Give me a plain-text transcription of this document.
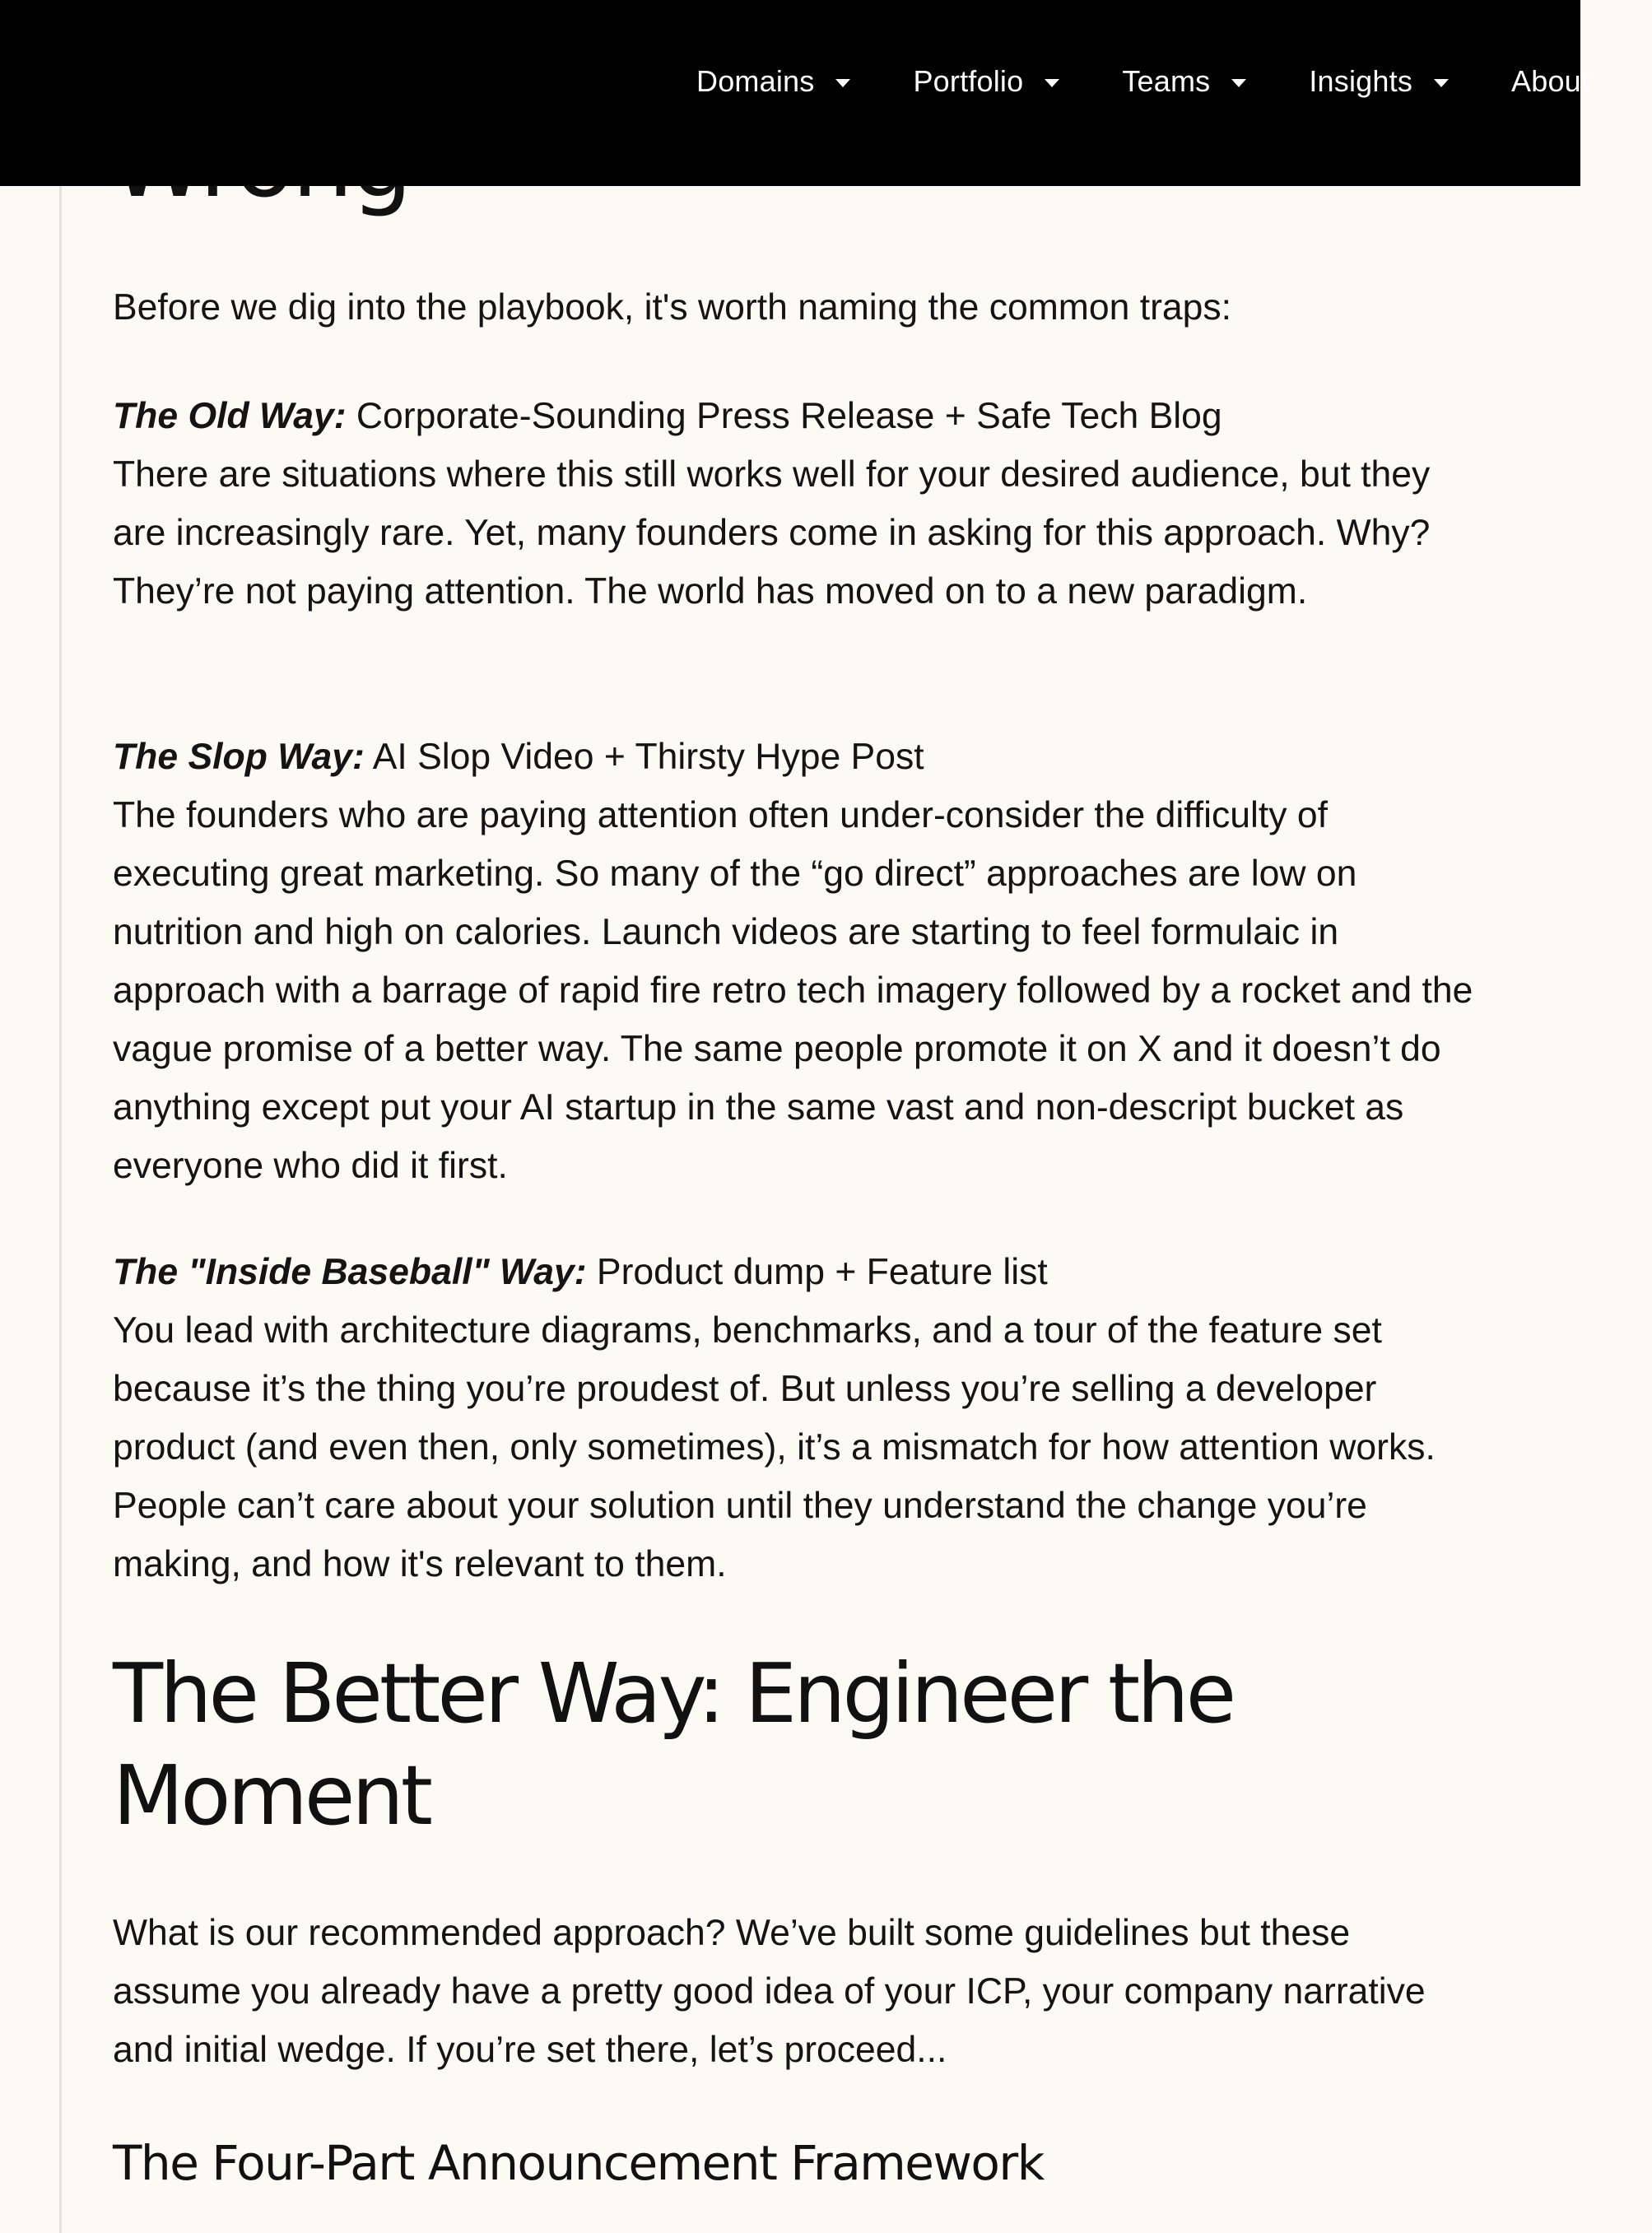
Domains	Portfolio	Teams	Insights	About

Before we dig into the playbook, it's worth naming the common traps:

The Old Way: Corporate-Sounding Press Release + Safe Tech Blog
There are situations where this still works well for your desired audience, but they are increasingly rare. Yet, many founders come in asking for this approach. Why? They’re not paying attention. The world has moved on to a new paradigm.

The Slop Way: AI Slop Video + Thirsty Hype Post
The founders who are paying attention often under-consider the difficulty of executing great marketing. So many of the “go direct” approaches are low on nutrition and high on calories. Launch videos are starting to feel formulaic in approach with a barrage of rapid fire retro tech imagery followed by a rocket and the vague promise of a better way. The same people promote it on X and it doesn’t do anything except put your AI startup in the same vast and non-descript bucket as everyone who did it first.

The "Inside Baseball" Way: Product dump + Feature list
You lead with architecture diagrams, benchmarks, and a tour of the feature set because it’s the thing you’re proudest of. But unless you’re selling a developer product (and even then, only sometimes), it’s a mismatch for how attention works. People can’t care about your solution until they understand the change you’re making, and how it's relevant to them.

The Better Way: Engineer the Moment

What is our recommended approach? We’ve built some guidelines but these assume you already have a pretty good idea of your ICP, your company narrative and initial wedge. If you’re set there, let’s proceed...

The Four-Part Announcement Framework
